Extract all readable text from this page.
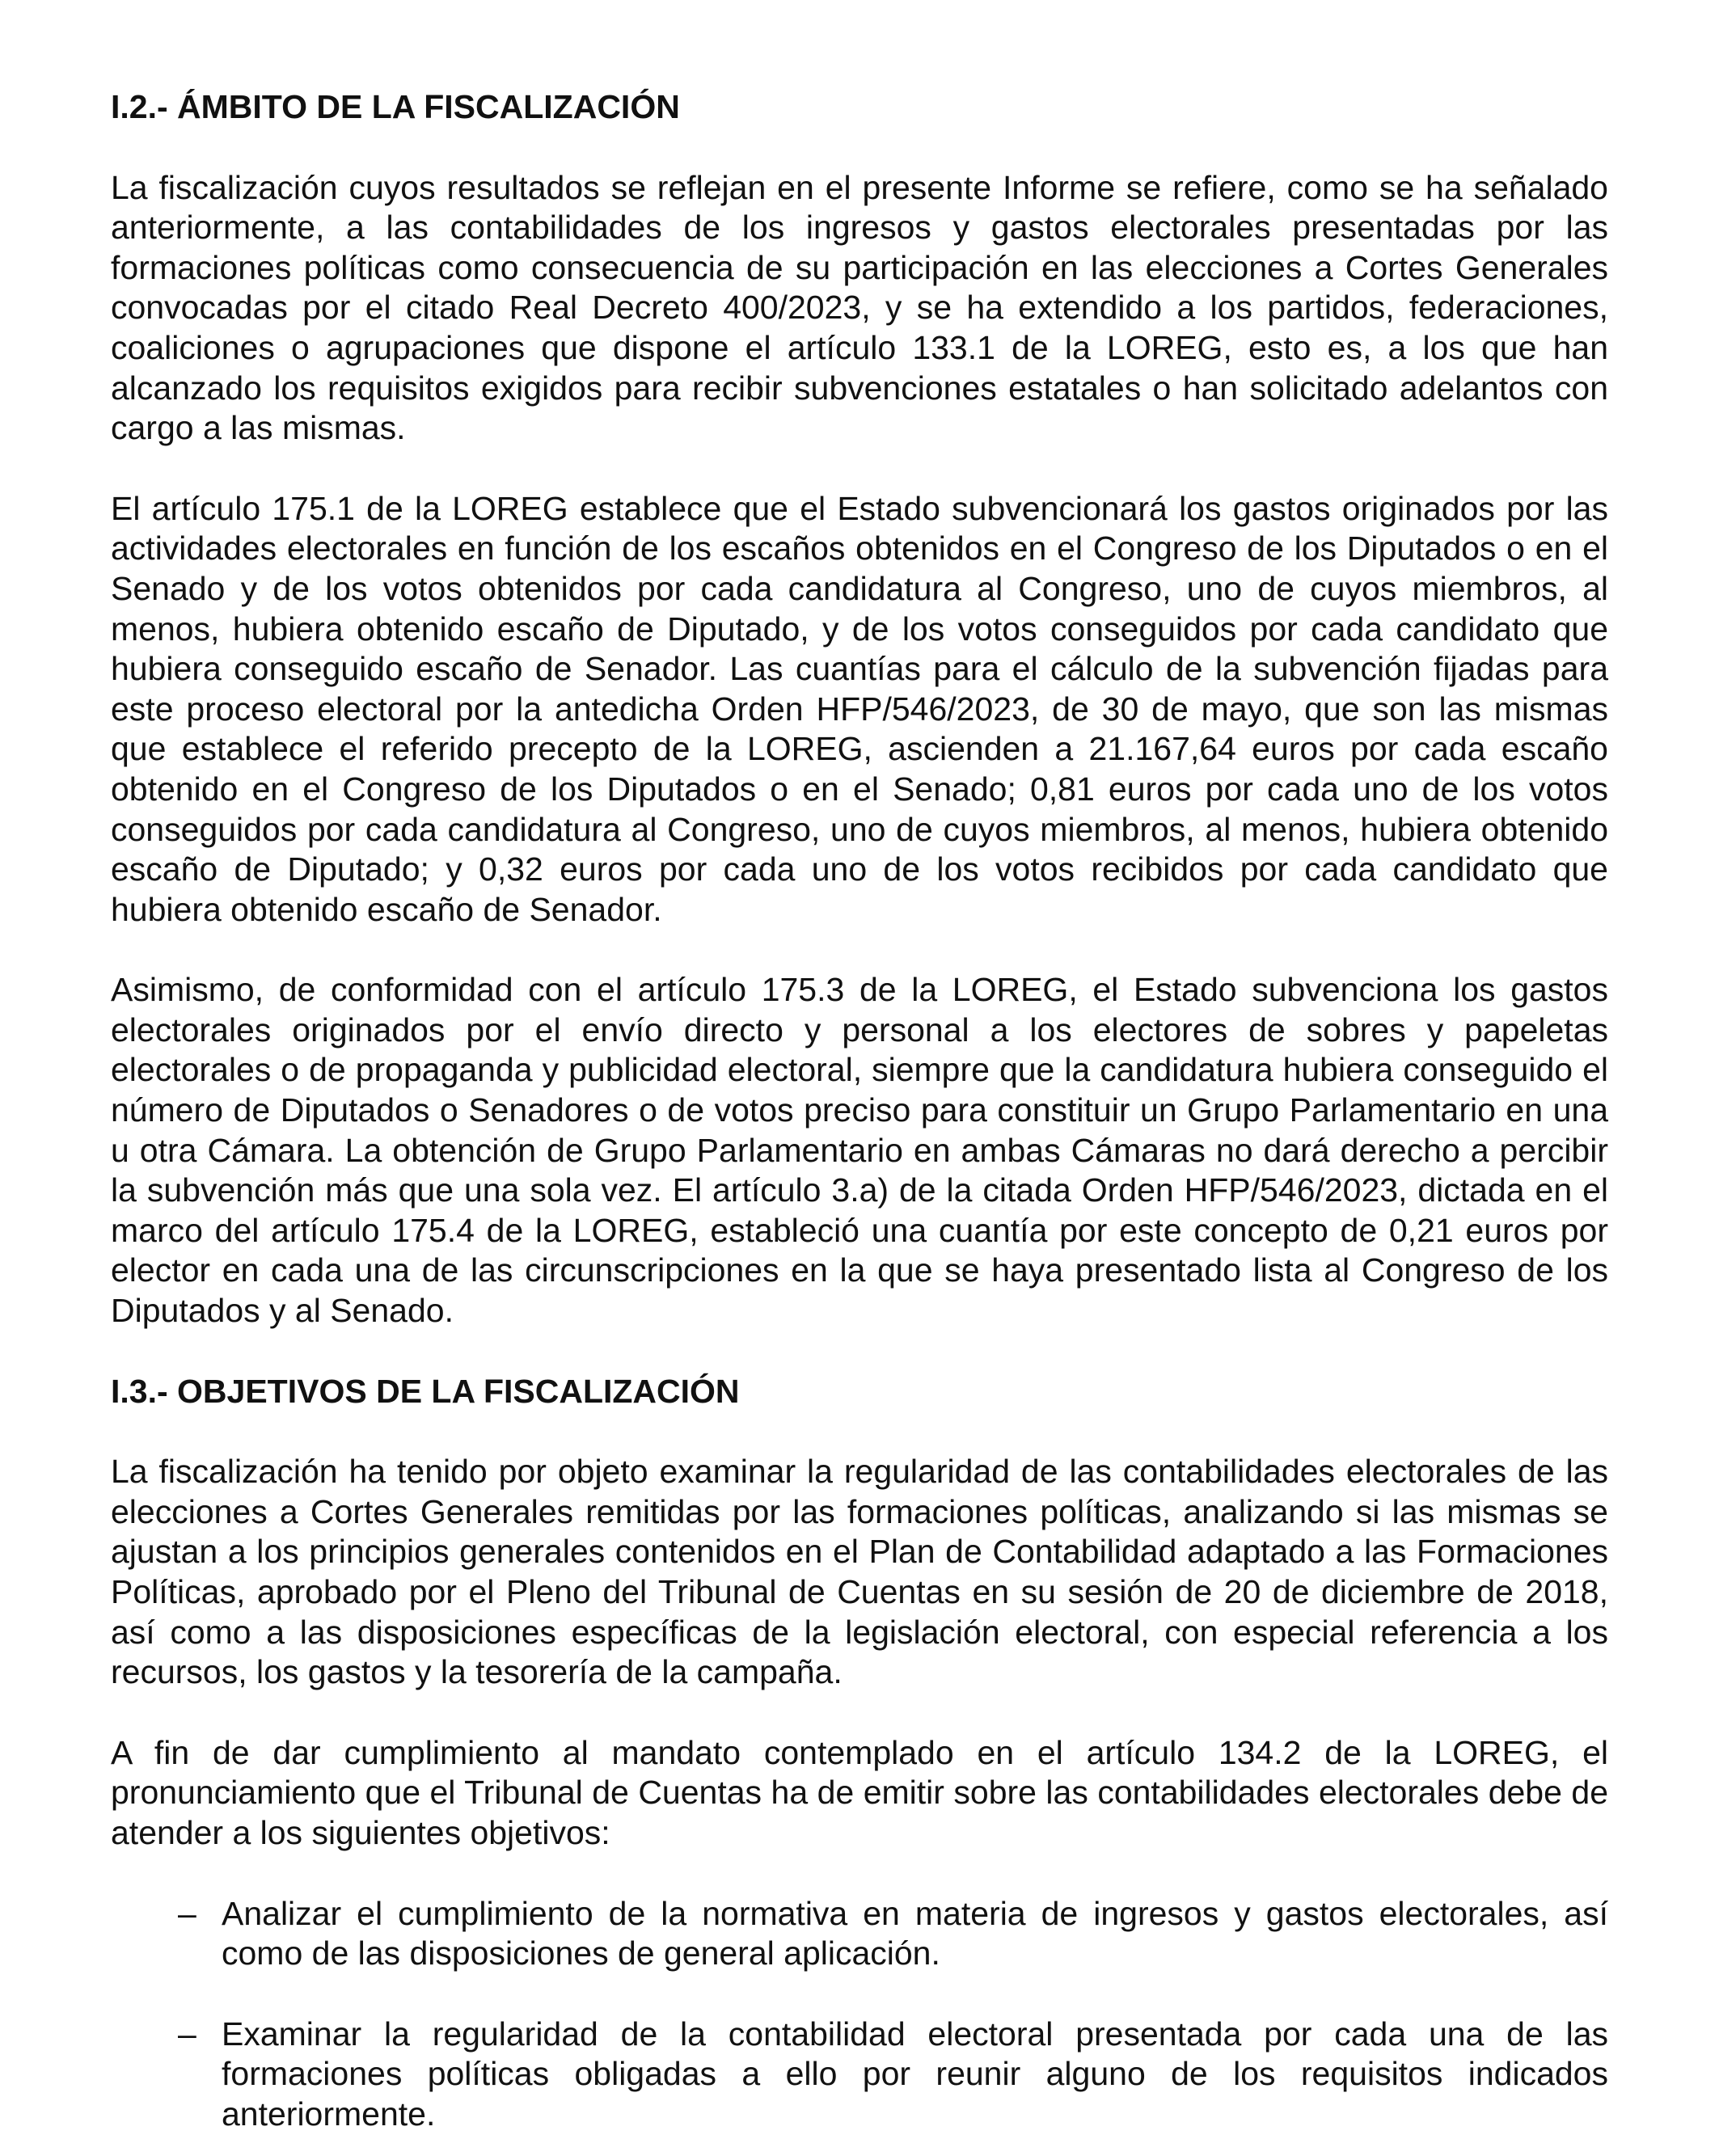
I.2.- ÁMBITO DE LA FISCALIZACIÓN

La fiscalización cuyos resultados se reflejan en el presente Informe se refiere, como se ha señalado anteriormente, a las contabilidades de los ingresos y gastos electorales presentadas por las formaciones políticas como consecuencia de su participación en las elecciones a Cortes Generales convocadas por el citado Real Decreto 400/2023, y se ha extendido a los partidos, federaciones, coaliciones o agrupaciones que dispone el artículo 133.1 de la LOREG, esto es, a los que han alcanzado los requisitos exigidos para recibir subvenciones estatales o han solicitado adelantos con cargo a las mismas.

El artículo 175.1 de la LOREG establece que el Estado subvencionará los gastos originados por las actividades electorales en función de los escaños obtenidos en el Congreso de los Diputados o en el Senado y de los votos obtenidos por cada candidatura al Congreso, uno de cuyos miembros, al menos, hubiera obtenido escaño de Diputado, y de los votos conseguidos por cada candidato que hubiera conseguido escaño de Senador. Las cuantías para el cálculo de la subvención fijadas para este proceso electoral por la antedicha Orden HFP/546/2023, de 30 de mayo, que son las mismas que establece el referido precepto de la LOREG, ascienden a 21.167,64 euros por cada escaño obtenido en el Congreso de los Diputados o en el Senado; 0,81 euros por cada uno de los votos conseguidos por cada candidatura al Congreso, uno de cuyos miembros, al menos, hubiera obtenido escaño de Diputado; y 0,32 euros por cada uno de los votos recibidos por cada candidato que hubiera obtenido escaño de Senador.

Asimismo, de conformidad con el artículo 175.3 de la LOREG, el Estado subvenciona los gastos electorales originados por el envío directo y personal a los electores de sobres y papeletas electorales o de propaganda y publicidad electoral, siempre que la candidatura hubiera conseguido el número de Diputados o Senadores o de votos preciso para constituir un Grupo Parlamentario en una u otra Cámara. La obtención de Grupo Parlamentario en ambas Cámaras no dará derecho a percibir la subvención más que una sola vez. El artículo 3.a) de la citada Orden HFP/546/2023, dictada en el marco del artículo 175.4 de la LOREG, estableció una cuantía por este concepto de 0,21 euros por elector en cada una de las circunscripciones en la que se haya presentado lista al Congreso de los Diputados y al Senado.

I.3.- OBJETIVOS DE LA FISCALIZACIÓN

La fiscalización ha tenido por objeto examinar la regularidad de las contabilidades electorales de las elecciones a Cortes Generales remitidas por las formaciones políticas, analizando si las mismas se ajustan a los principios generales contenidos en el Plan de Contabilidad adaptado a las Formaciones Políticas, aprobado por el Pleno del Tribunal de Cuentas en su sesión de 20 de diciembre de 2018, así como a las disposiciones específicas de la legislación electoral, con especial referencia a los recursos, los gastos y la tesorería de la campaña.

A fin de dar cumplimiento al mandato contemplado en el artículo 134.2 de la LOREG, el pronunciamiento que el Tribunal de Cuentas ha de emitir sobre las contabilidades electorales debe de atender a los siguientes objetivos:

– Analizar el cumplimiento de la normativa en materia de ingresos y gastos electorales, así como de las disposiciones de general aplicación.
– Examinar la regularidad de la contabilidad electoral presentada por cada una de las formaciones políticas obligadas a ello por reunir alguno de los requisitos indicados anteriormente.
